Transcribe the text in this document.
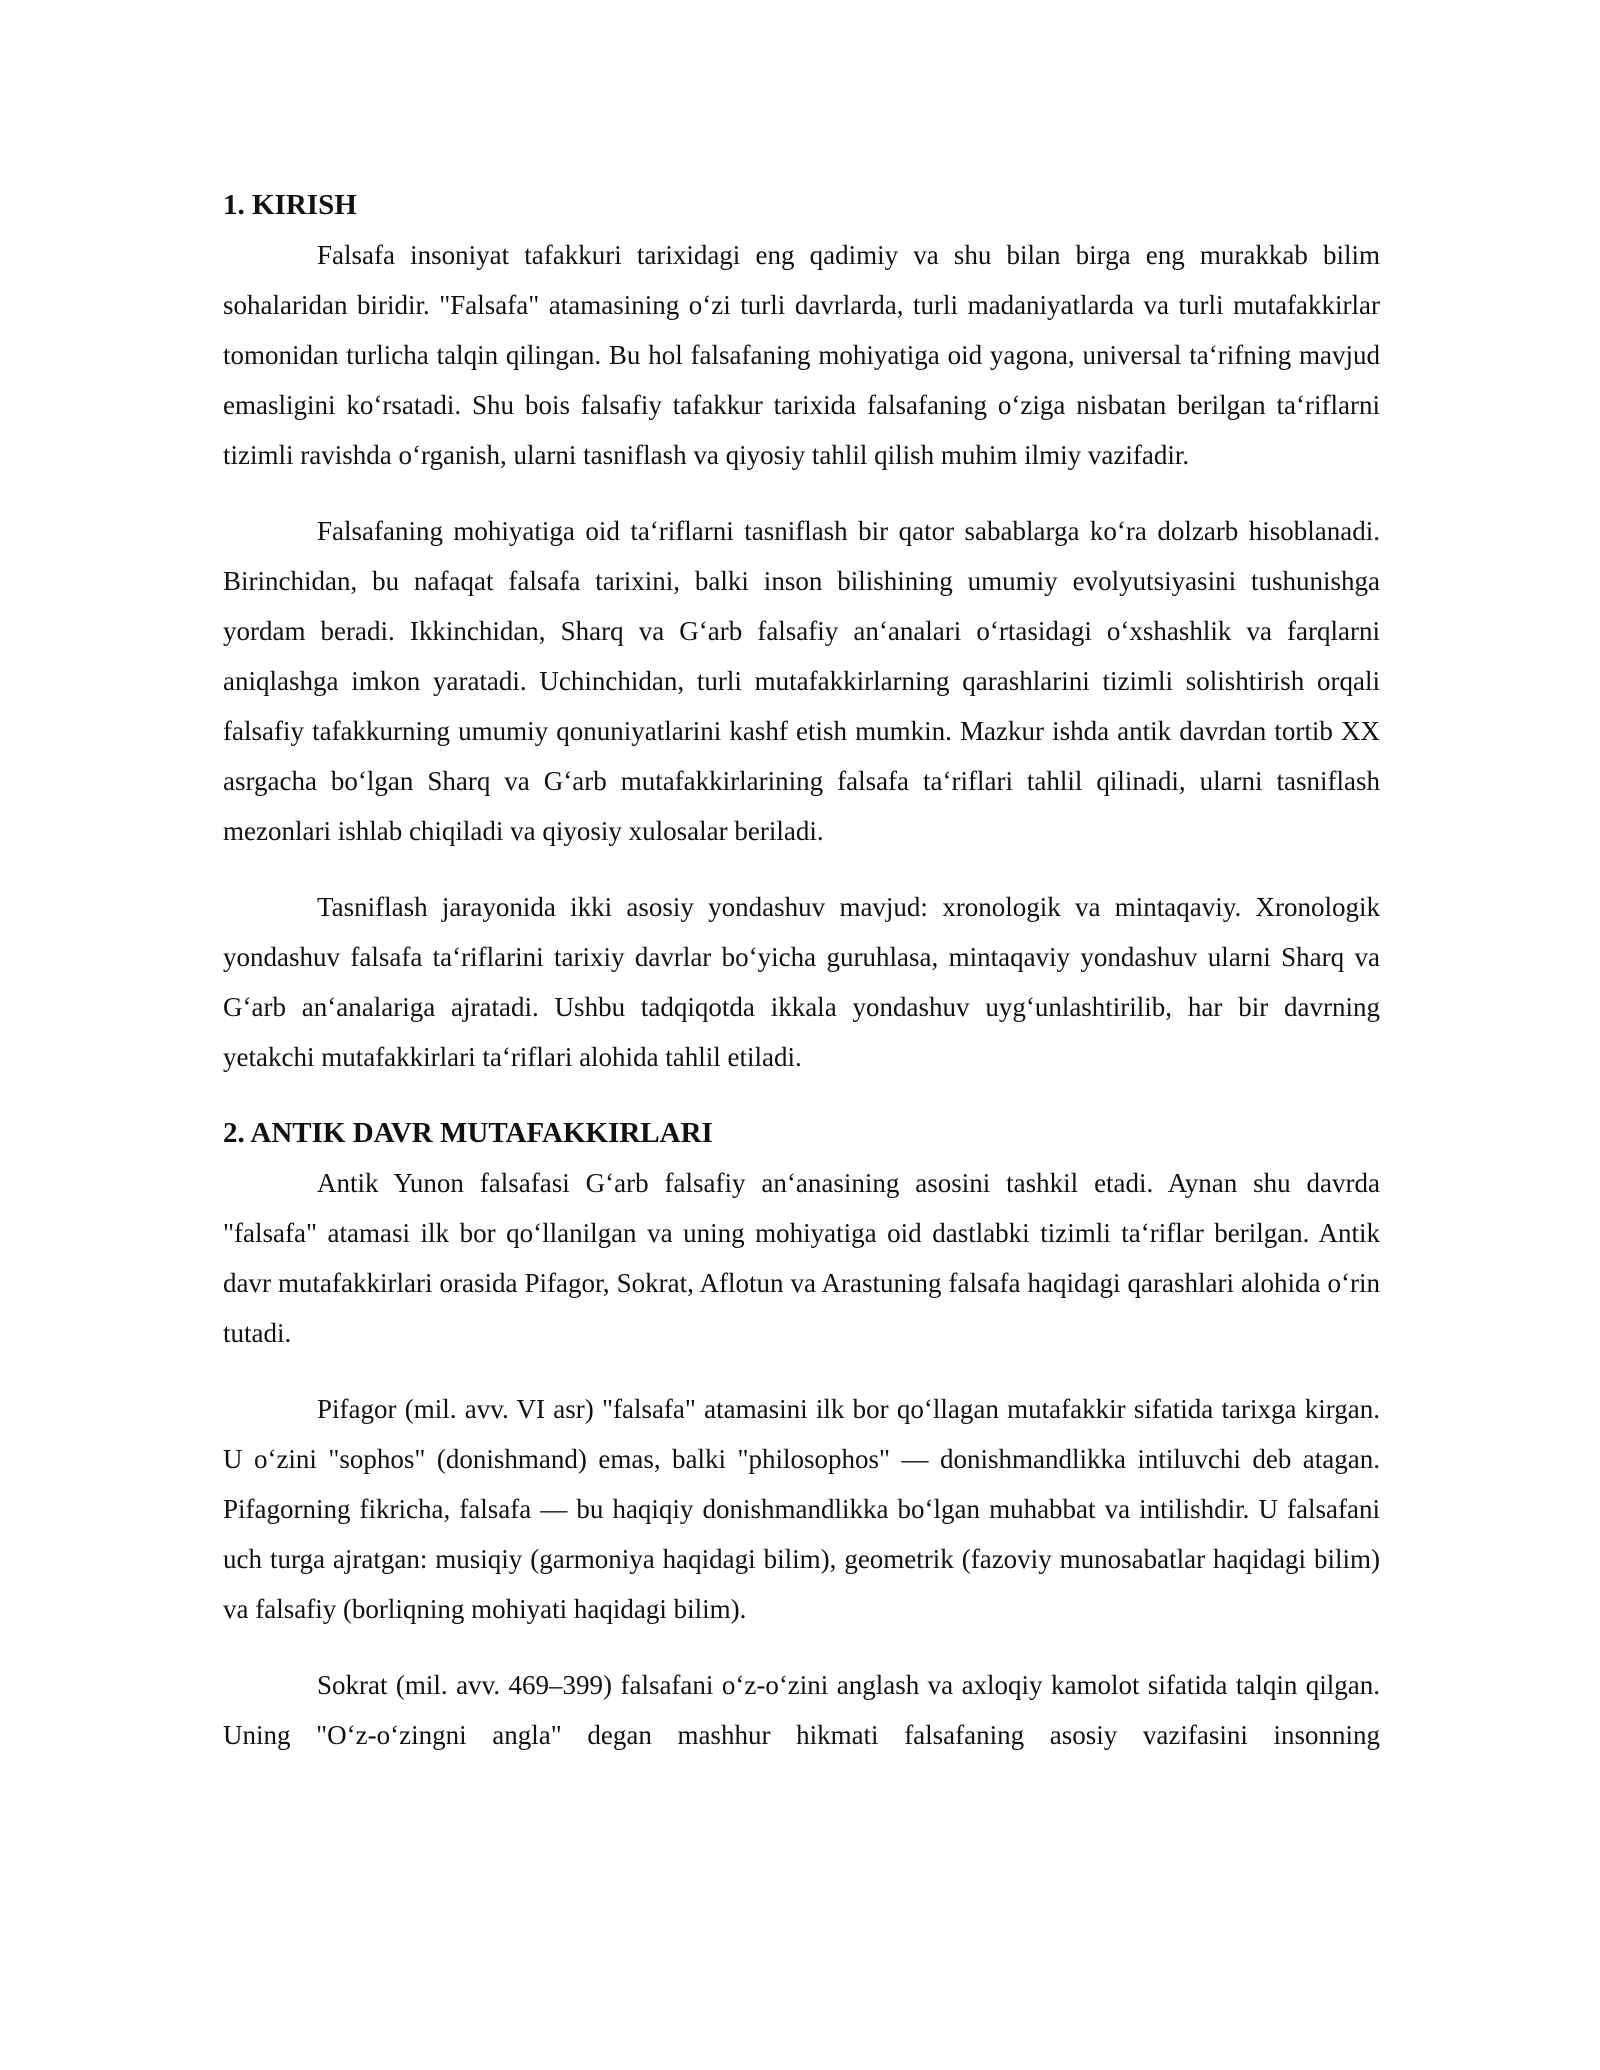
1. KIRISH

Falsafa insoniyat tafakkuri tarixidagi eng qadimiy va shu bilan birga eng murakkab bilim sohalaridan biridir. "Falsafa" atamasining o‘zi turli davrlarda, turli madaniyatlarda va turli mutafakkirlar tomonidan turlicha talqin qilingan. Bu hol falsafaning mohiyatiga oid yagona, universal ta‘rifning mavjud emasligini ko‘rsatadi. Shu bois falsafiy tafakkur tarixida falsafaning o‘ziga nisbatan berilgan ta‘riflarni tizimli ravishda o‘rganish, ularni tasniflash va qiyosiy tahlil qilish muhim ilmiy vazifadir.

Falsafaning mohiyatiga oid ta‘riflarni tasniflash bir qator sabablarga ko‘ra dolzarb hisoblanadi. Birinchidan, bu nafaqat falsafa tarixini, balki inson bilishining umumiy evolyutsiyasini tushunishga yordam beradi. Ikkinchidan, Sharq va G‘arb falsafiy an‘analari o‘rtasidagi o‘xshashlik va farqlarni aniqlashga imkon yaratadi. Uchinchidan, turli mutafakkirlarning qarashlarini tizimli solishtirish orqali falsafiy tafakkurning umumiy qonuniyatlarini kashf etish mumkin. Mazkur ishda antik davrdan tortib XX asrgacha bo‘lgan Sharq va G‘arb mutafakkirlarining falsafa ta‘riflari tahlil qilinadi, ularni tasniflash mezonlari ishlab chiqiladi va qiyosiy xulosalar beriladi.

Tasniflash jarayonida ikki asosiy yondashuv mavjud: xronologik va mintaqaviy. Xronologik yondashuv falsafa ta‘riflarini tarixiy davrlar bo‘yicha guruhlasa, mintaqaviy yondashuv ularni Sharq va G‘arb an‘analariga ajratadi. Ushbu tadqiqotda ikkala yondashuv uyg‘unlashtirilib, har bir davrning yetakchi mutafakkirlari ta‘riflari alohida tahlil etiladi.

2. ANTIK DAVR MUTAFAKKIRLARI

Antik Yunon falsafasi G‘arb falsafiy an‘anasining asosini tashkil etadi. Aynan shu davrda "falsafa" atamasi ilk bor qo‘llanilgan va uning mohiyatiga oid dastlabki tizimli ta‘riflar berilgan. Antik davr mutafakkirlari orasida Pifagor, Sokrat, Aflotun va Arastuning falsafa haqidagi qarashlari alohida o‘rin tutadi.

Pifagor (mil. avv. VI asr) "falsafa" atamasini ilk bor qo‘llagan mutafakkir sifatida tarixga kirgan. U o‘zini "sophos" (donishmand) emas, balki "philosophos" — donishmandlikka intiluvchi deb atagan. Pifagorning fikricha, falsafa — bu haqiqiy donishmandlikka bo‘lgan muhabbat va intilishdir. U falsafani uch turga ajratgan: musiqiy (garmoniya haqidagi bilim), geometrik (fazoviy munosabatlar haqidagi bilim) va falsafiy (borliqning mohiyati haqidagi bilim).

Sokrat (mil. avv. 469–399) falsafani o‘z-o‘zini anglash va axloqiy kamolot sifatida talqin qilgan. Uning "O‘z-o‘zingni angla" degan mashhur hikmati falsafaning asosiy vazifasini insonning
